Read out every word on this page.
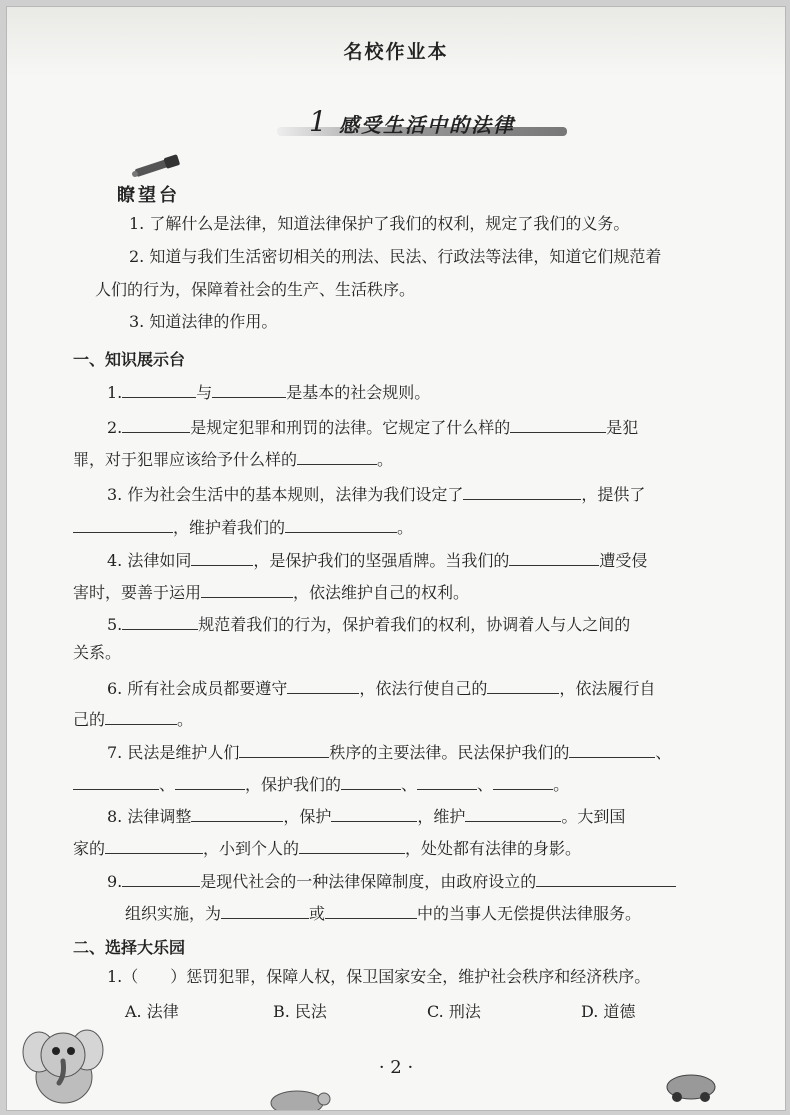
名校作业本
1 感受生活中的法律
瞭望台
1. 了解什么是法律，知道法律保护了我们的权利，规定了我们的义务。
2. 知道与我们生活密切相关的刑法、民法、行政法等法律，知道它们规范着
人们的行为，保障着社会的生产、生活秩序。
3. 知道法律的作用。
一、知识展示台
1.	与	是基本的社会规则。
2.	是规定犯罪和刑罚的法律。它规定了什么样的	是犯
罪，对于犯罪应该给予什么样的	。
3. 作为社会生活中的基本规则，法律为我们设定了	，提供了
，维护着我们的	。
4. 法律如同	，是保护我们的坚强盾牌。当我们的	遭受侵
害时，要善于运用	，依法维护自己的权利。
5.	规范着我们的行为，保护着我们的权利，协调着人与人之间的
关系。
6. 所有社会成员都要遵守	，依法行使自己的	，依法履行自
己的	。
7. 民法是维护人们	秩序的主要法律。民法保护我们的	、
、	，保护我们的	、	、	。
8. 法律调整	，保护	，维护	。大到国
家的	，小到个人的	，处处都有法律的身影。
9.	是现代社会的一种法律保障制度，由政府设立的
组织实施，为	或	中的当事人无偿提供法律服务。
二、选择大乐园
1.（　　）惩罚犯罪，保障人权，保卫国家安全，维护社会秩序和经济秩序。
A. 法律	B. 民法	C. 刑法	D. 道德
· 2 ·
